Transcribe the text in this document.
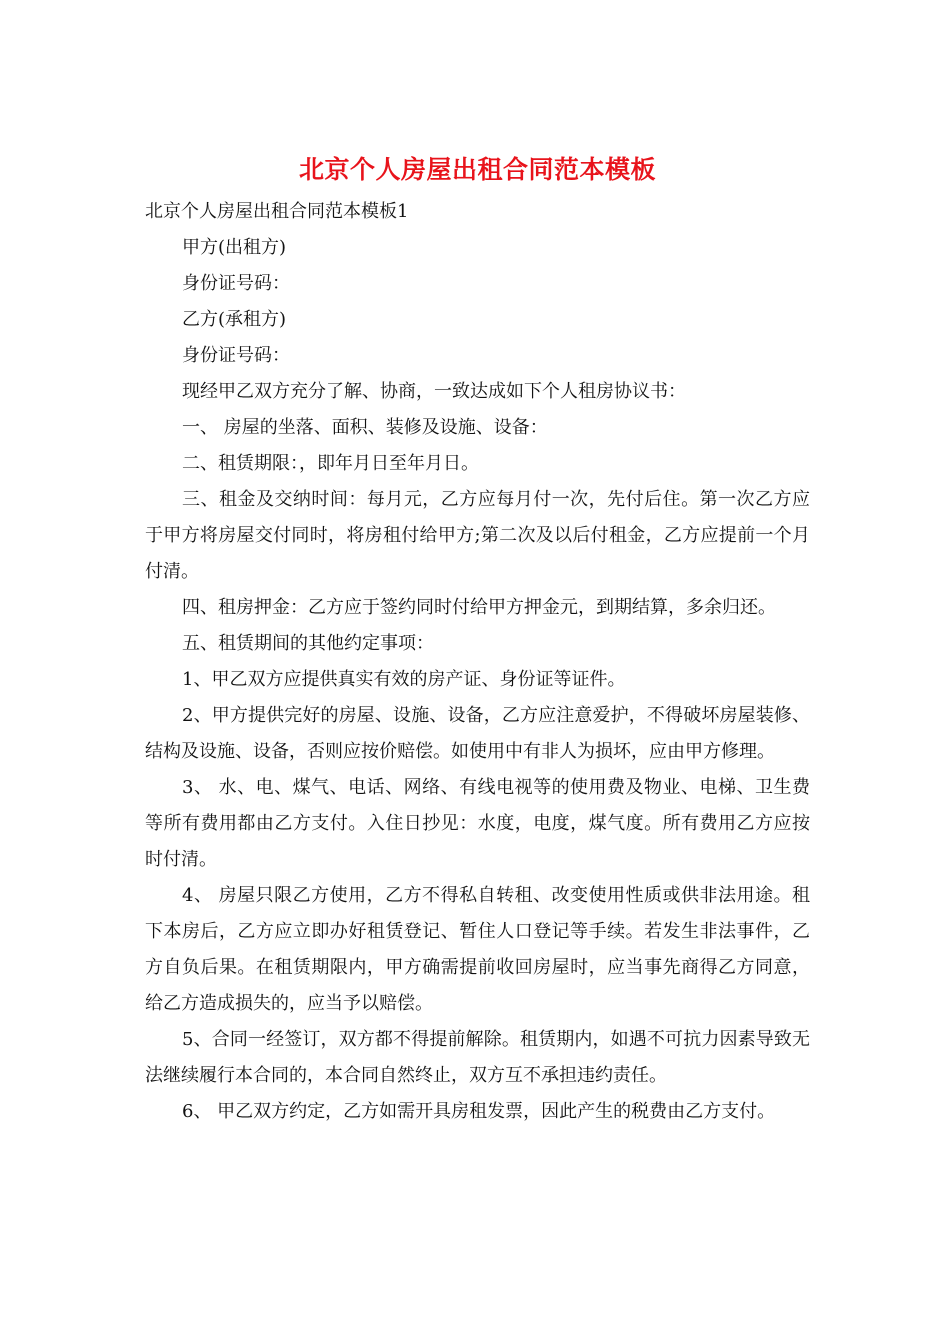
北京个人房屋出租合同范本模板

北京个人房屋出租合同范本模板1

甲方(出租方)

身份证号码：

乙方(承租方)

身份证号码：

现经甲乙双方充分了解、协商，一致达成如下个人租房协议书：

一、 房屋的坐落、面积、装修及设施、设备：

二、租赁期限：，即年月日至年月日。

三、租金及交纳时间：每月元，乙方应每月付一次，先付后住。第一次乙方应于甲方将房屋交付同时，将房租付给甲方;第二次及以后付租金，乙方应提前一个月付清。

四、租房押金：乙方应于签约同时付给甲方押金元，到期结算，多余归还。

五、租赁期间的其他约定事项：

1、甲乙双方应提供真实有效的房产证、身份证等证件。

2、甲方提供完好的房屋、设施、设备，乙方应注意爱护，不得破坏房屋装修、结构及设施、设备，否则应按价赔偿。如使用中有非人为损坏，应由甲方修理。

3、 水、电、煤气、电话、网络、有线电视等的使用费及物业、电梯、卫生费等所有费用都由乙方支付。入住日抄见：水度，电度，煤气度。所有费用乙方应按时付清。

4、 房屋只限乙方使用，乙方不得私自转租、改变使用性质或供非法用途。租下本房后，乙方应立即办好租赁登记、暂住人口登记等手续。若发生非法事件，乙方自负后果。在租赁期限内，甲方确需提前收回房屋时，应当事先商得乙方同意，给乙方造成损失的，应当予以赔偿。

5、合同一经签订，双方都不得提前解除。租赁期内，如遇不可抗力因素导致无法继续履行本合同的，本合同自然终止，双方互不承担违约责任。

6、 甲乙双方约定，乙方如需开具房租发票，因此产生的税费由乙方支付。
